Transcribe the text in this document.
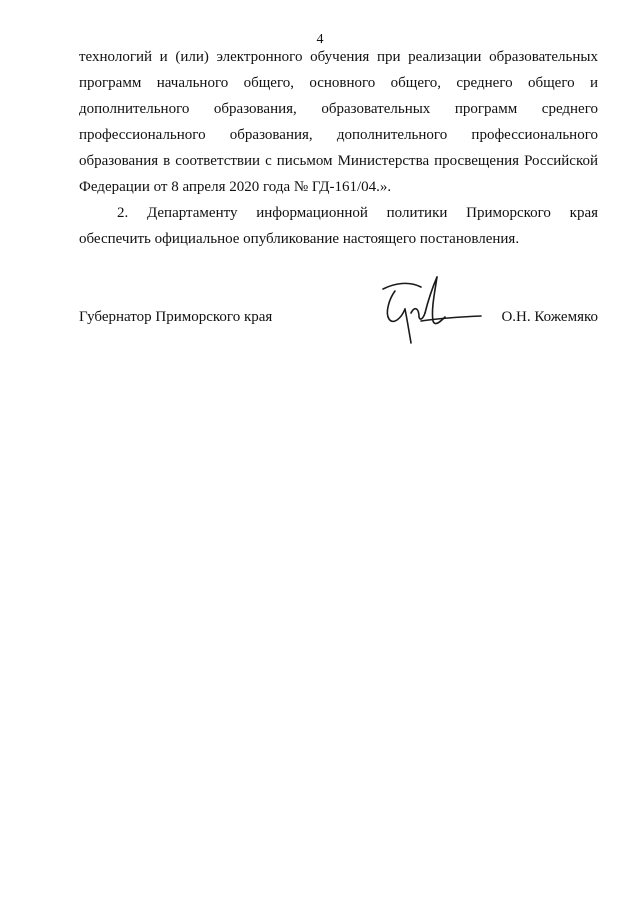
4
технологий и (или) электронного обучения при реализации образовательных
программ начального общего, основного общего, среднего общего и
дополнительного образования, образовательных программ среднего
профессионального образования, дополнительного профессионального
образования в соответствии с письмом Министерства просвещения Российской
Федерации от 8 апреля 2020 года № ГД-161/04.».
2. Департаменту информационной политики Приморского края
обеспечить официальное опубликование настоящего постановления.
Губернатор Приморского края	О.Н. Кожемяко
